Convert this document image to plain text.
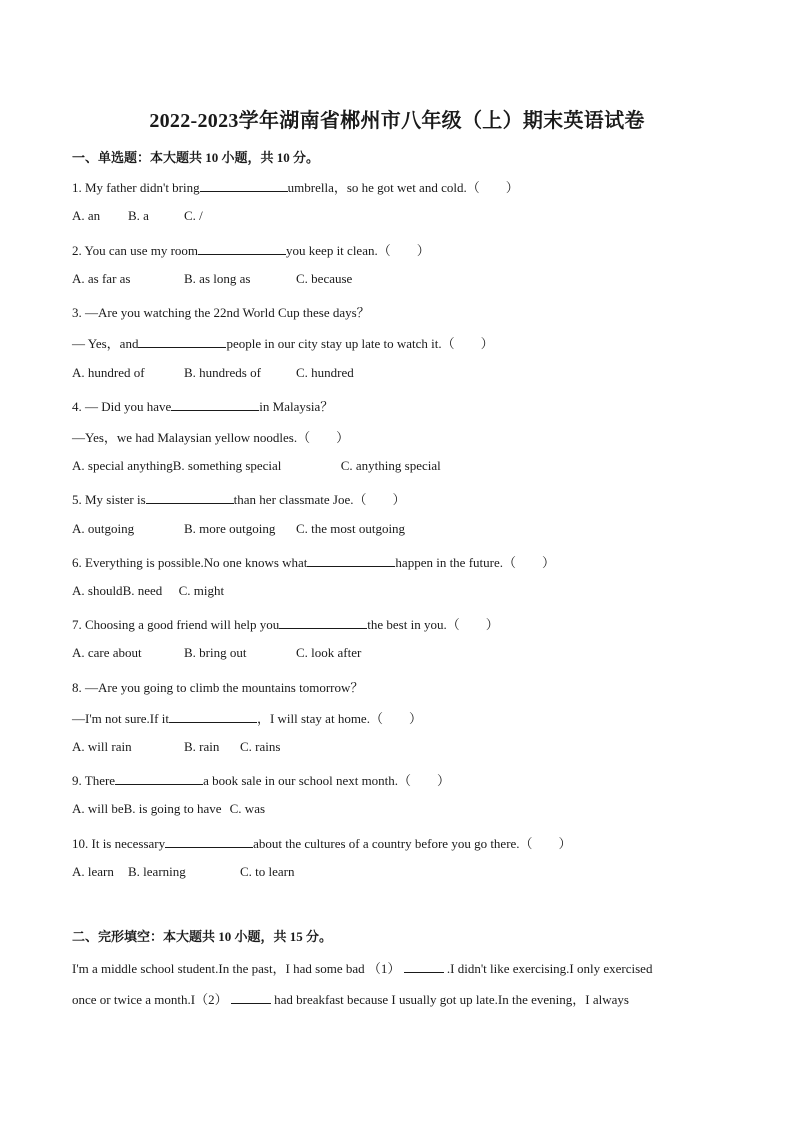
2022-2023学年湖南省郴州市八年级（上）期末英语试卷
一、单选题：本大题共 10 小题，共 10 分。
1. My father didn't bring	umbrella，so he got wet and cold.（　　）
A. an B. a	C. /
2. You can use my room	you keep it clean.（　　）
A. as far as	B. as long as	C. because
3. —Are you watching the 22nd World Cup these days？
— Yes，and	people in our city stay up late to watch it.（　　）
A. hundred of	B. hundreds of	C. hundred
4. — Did you have	in Malaysia？
—Yes，we had Malaysian yellow noodles.（　　）
A. special anythingB. something special	C. anything special
5. My sister is	than her classmate Joe.（　　）
A. outgoing	B. more outgoing C. the most outgoing
6. Everything is possible.No one knows what	happen in the future.（　　）
A. shouldB. need C. might
7. Choosing a good friend will help you	the best in you.（　　）
A. care about	B. bring out	C. look after
8. —Are you going to climb the mountains tomorrow？
—I'm not sure.If it	，I will stay at home.（　　）
A. will rain	B. rain C. rains
9. There	a book sale in our school next month.（　　）
A. will beB. is going to have C. was
10. It is necessary	about the cultures of a country before you go there.（　　）
A. learn B. learning	C. to learn
二、完形填空：本大题共 10 小题，共 15 分。
I'm a middle school student.In the past，I had some bad （1）	.I didn't like exercising.I only exercised
once or twice a month.I（2）	had breakfast because I usually got up late.In the evening，I always
